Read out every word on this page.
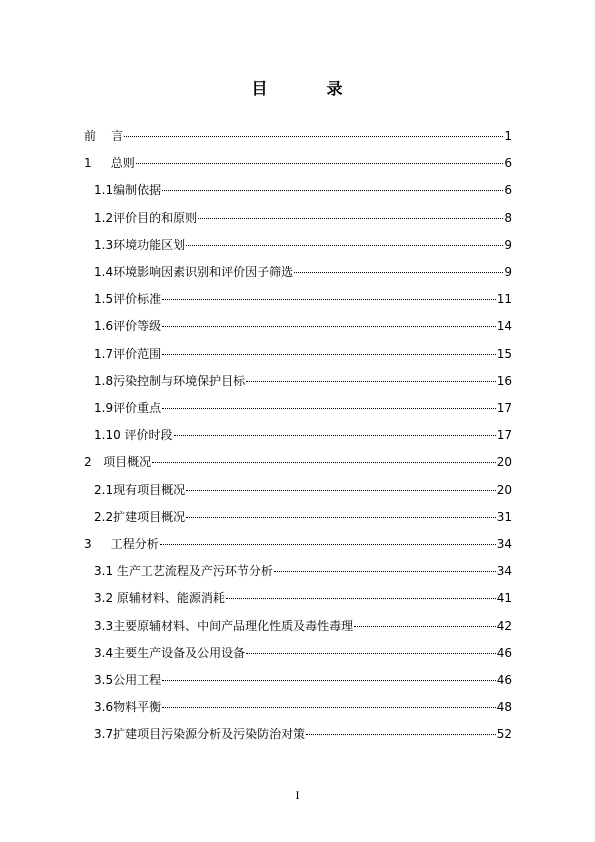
目	录
前    言	1
1 总则	6
1.1 编制依据	6
1.2 评价目的和原则	8
1.3 环境功能区划	9
1.4 环境影响因素识别和评价因子筛选	9
1.5 评价标准	11
1.6 评价等级	14
1.7 评价范围	15
1.8 污染控制与环境保护目标	16
1.9 评价重点	17
1.10 评价时段	17
2 项目概况	20
2.1 现有项目概况	20
2.2 扩建项目概况	31
3 工程分析	34
3.1 生产工艺流程及产污环节分析	34
3.2 原辅材料、能源消耗	41
3.3 主要原辅材料、中间产品理化性质及毒性毒理	42
3.4 主要生产设备及公用设备	46
3.5 公用工程	46
3.6 物料平衡	48
3.7 扩建项目污染源分析及污染防治对策	52
I
